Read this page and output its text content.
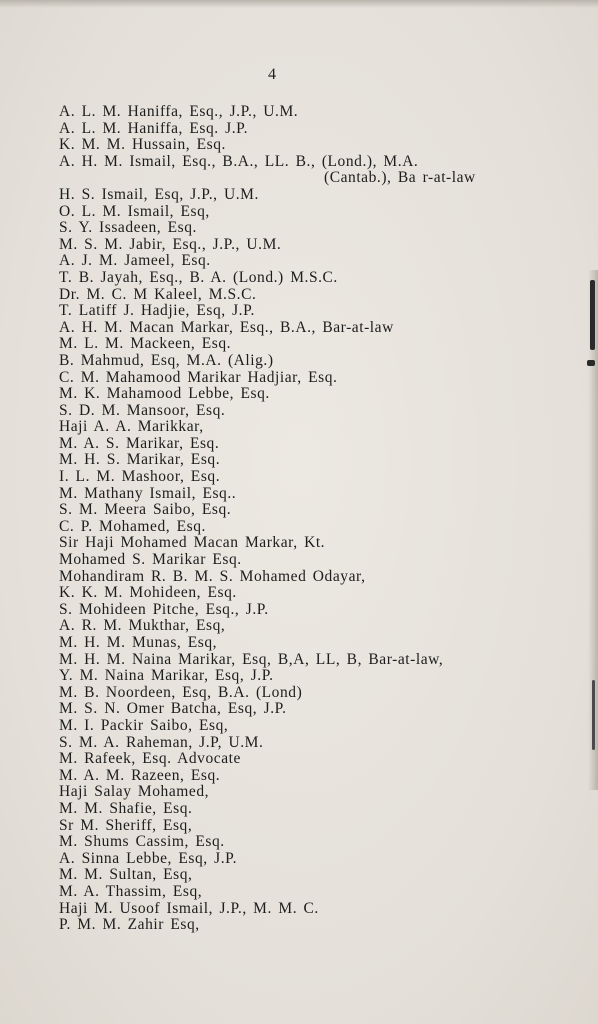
4
A. L. M. Haniffa, Esq., J.P., U.M.
A. L. M. Haniffa, Esq. J.P.
K. M. M. Hussain, Esq.
A. H. M. Ismail, Esq., B.A., LL. B., (Lond.), M.A.
(Cantab.), Ba r-at-law
H. S. Ismail, Esq, J.P., U.M.
O. L. M. Ismail, Esq,
S. Y. Issadeen, Esq.
M. S. M. Jabir, Esq., J.P., U.M.
A. J. M. Jameel, Esq.
T. B. Jayah, Esq., B. A. (Lond.) M.S.C.
Dr. M. C. M Kaleel, M.S.C.
T. Latiff J. Hadjie, Esq, J.P.
A. H. M. Macan Markar, Esq., B.A., Bar-at-law
M. L. M. Mackeen, Esq.
B. Mahmud, Esq, M.A. (Alig.)
C. M. Mahamood Marikar Hadjiar, Esq.
M. K. Mahamood Lebbe, Esq.
S. D. M. Mansoor, Esq.
Haji A. A. Marikkar,
M. A. S. Marikar, Esq.
M. H. S. Marikar, Esq.
I. L. M. Mashoor, Esq.
M. Mathany Ismail, Esq..
S. M. Meera Saibo, Esq.
C. P. Mohamed, Esq.
Sir Haji Mohamed Macan Markar, Kt.
Mohamed S. Marikar Esq.
Mohandiram R. B. M. S. Mohamed Odayar,
K. K. M. Mohideen, Esq.
S. Mohideen Pitche, Esq., J.P.
A. R. M. Mukthar, Esq,
M. H. M. Munas, Esq,
M. H. M. Naina Marikar, Esq, B,A, LL, B, Bar-at-law,
Y. M. Naina Marikar, Esq, J.P.
M. B. Noordeen, Esq, B.A. (Lond)
M. S. N. Omer Batcha, Esq, J.P.
M. I. Packir Saibo, Esq,
S. M. A. Raheman, J.P, U.M.
M. Rafeek, Esq. Advocate
M. A. M. Razeen, Esq.
Haji Salay Mohamed,
M. M. Shafie, Esq.
Sr M. Sheriff, Esq,
M. Shums Cassim, Esq.
A. Sinna Lebbe, Esq, J.P.
M. M. Sultan, Esq,
M. A. Thassim, Esq,
Haji M. Usoof Ismail, J.P., M. M. C.
P. M. M. Zahir Esq,
